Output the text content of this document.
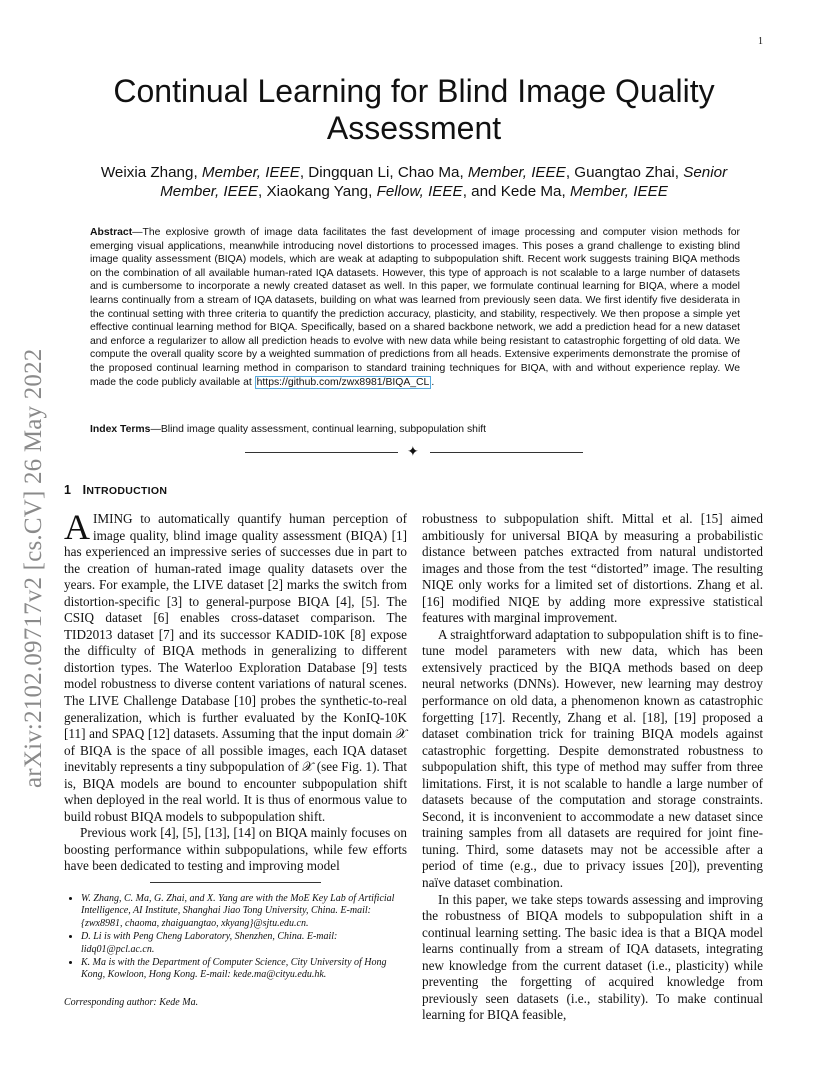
1
arXiv:2102.09717v2 [cs.CV] 26 May 2022
Continual Learning for Blind Image Quality Assessment
Weixia Zhang, Member, IEEE, Dingquan Li, Chao Ma, Member, IEEE, Guangtao Zhai, Senior Member, IEEE, Xiaokang Yang, Fellow, IEEE, and Kede Ma, Member, IEEE
Abstract—The explosive growth of image data facilitates the fast development of image processing and computer vision methods for emerging visual applications, meanwhile introducing novel distortions to processed images. This poses a grand challenge to existing blind image quality assessment (BIQA) models, which are weak at adapting to subpopulation shift. Recent work suggests training BIQA methods on the combination of all available human-rated IQA datasets. However, this type of approach is not scalable to a large number of datasets and is cumbersome to incorporate a newly created dataset as well. In this paper, we formulate continual learning for BIQA, where a model learns continually from a stream of IQA datasets, building on what was learned from previously seen data. We first identify five desiderata in the continual setting with three criteria to quantify the prediction accuracy, plasticity, and stability, respectively. We then propose a simple yet effective continual learning method for BIQA. Specifically, based on a shared backbone network, we add a prediction head for a new dataset and enforce a regularizer to allow all prediction heads to evolve with new data while being resistant to catastrophic forgetting of old data. We compute the overall quality score by a weighted summation of predictions from all heads. Extensive experiments demonstrate the promise of the proposed continual learning method in comparison to standard training techniques for BIQA, with and without experience replay. We made the code publicly available at https://github.com/zwx8981/BIQA_CL .
Index Terms—Blind image quality assessment, continual learning, subpopulation shift
✦
1 INTRODUCTION

AIMING to automatically quantify human perception of image quality, blind image quality assessment (BIQA) [1] has experienced an impressive series of successes due in part to the creation of human-rated image quality datasets over the years. For example, the LIVE dataset [2] marks the switch from distortion-specific [3] to general-purpose BIQA [4], [5]. The CSIQ dataset [6] enables cross-dataset comparison. The TID2013 dataset [7] and its successor KADID-10K [8] expose the difficulty of BIQA methods in generalizing to different distortion types. The Waterloo Exploration Database [9] tests model robustness to diverse content variations of natural scenes. The LIVE Challenge Database [10] probes the synthetic-to-real generalization, which is further evaluated by the KonIQ-10K [11] and SPAQ [12] datasets. Assuming that the input domain 𝒳 of BIQA is the space of all possible images, each IQA dataset inevitably represents a tiny subpopulation of 𝒳 (see Fig. 1). That is, BIQA models are bound to encounter subpopulation shift when deployed in the real world. It is thus of enormous value to build robust BIQA models to subpopulation shift.

Previous work [4], [5], [13], [14] on BIQA mainly focuses on boosting performance within subpopulations, while few efforts have been dedicated to testing and improving model

robustness to subpopulation shift. Mittal et al. [15] aimed ambitiously for universal BIQA by measuring a probabilistic distance between patches extracted from natural undistorted images and those from the test “distorted” image. The resulting NIQE only works for a limited set of distortions. Zhang et al. [16] modified NIQE by adding more expressive statistical features with marginal improvement.

A straightforward adaptation to subpopulation shift is to fine-tune model parameters with new data, which has been extensively practiced by the BIQA methods based on deep neural networks (DNNs). However, new learning may destroy performance on old data, a phenomenon known as catastrophic forgetting [17]. Recently, Zhang et al. [18], [19] proposed a dataset combination trick for training BIQA models against catastrophic forgetting. Despite demonstrated robustness to subpopulation shift, this type of method may suffer from three limitations. First, it is not scalable to handle a large number of datasets because of the computation and storage constraints. Second, it is inconvenient to accommodate a new dataset since training samples from all datasets are required for joint fine-tuning. Third, some datasets may not be accessible after a period of time (e.g., due to privacy issues [20]), preventing naïve dataset combination.

In this paper, we take steps towards assessing and improving the robustness of BIQA models to subpopulation shift in a continual learning setting. The basic idea is that a BIQA model learns continually from a stream of IQA datasets, integrating new knowledge from the current dataset (i.e., plasticity) while preventing the forgetting of acquired knowledge from previously seen datasets (i.e., stability). To make continual learning for BIQA feasible,

• W. Zhang, C. Ma, G. Zhai, and X. Yang are with the MoE Key Lab of Artificial Intelligence, AI Institute, Shanghai Jiao Tong University, China. E-mail: {zwx8981, chaoma, zhaiguangtao, xkyang}@sjtu.edu.cn.
• D. Li is with Peng Cheng Laboratory, Shenzhen, China. E-mail: lidq01@pcl.ac.cn.
• K. Ma is with the Department of Computer Science, City University of Hong Kong, Kowloon, Hong Kong. E-mail: kede.ma@cityu.edu.hk.
Corresponding author: Kede Ma.
